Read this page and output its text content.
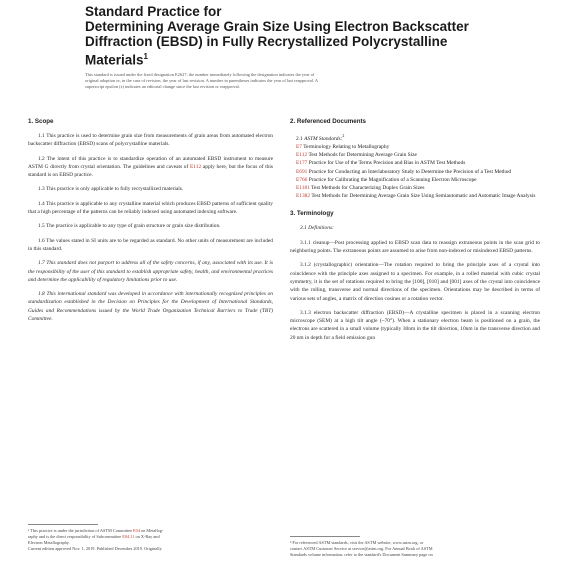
Standard Practice for
Determining Average Grain Size Using Electron Backscatter
Diffraction (EBSD) in Fully Recrystallized Polycrystalline
Materials$^1$
This standard is issued under the fixed designation E2627; the number immediately following the designation indicates the year of
original adoption or, in the case of revision, the year of last revision. A number in parentheses indicates the year of last reapproval. A
superscript epsilon (ε) indicates an editorial change since the last revision or reapproval.
1. Scope

1.1 This practice is used to determine grain size from measurements of grain areas from automated electron backscatter diffraction (EBSD) scans of polycrystalline materials.

1.2 The intent of this practice is to standardize operation of an automated EBSD instrument to measure ASTM G directly from crystal orientation. The guidelines and caveats of E112 apply here, but the focus of this standard is on EBSD practice.

1.3 This practice is only applicable to fully recrystallized materials.

1.4 This practice is applicable to any crystalline material which produces EBSD patterns of sufficient quality that a high percentage of the patterns can be reliably indexed using automated indexing software.

1.5 The practice is applicable to any type of grain structure or grain size distribution.

1.6 The values stated in SI units are to be regarded as standard. No other units of measurement are included in this standard.

1.7 This standard does not purport to address all of the safety concerns, if any, associated with its use. It is the responsibility of the user of this standard to establish appropriate safety, health, and environmental practices and determine the applicability of regulatory limitations prior to use.

1.8 This international standard was developed in accordance with internationally recognized principles on standardization established in the Decision on Principles for the Development of International Standards, Guides and Recommendations issued by the World Trade Organization Technical Barriers to Trade (TBT) Committee.

2. Referenced Documents

2.1 ASTM Standards:$^2$

E7 Terminology Relating to Metallography

E112 Test Methods for Determining Average Grain Size

E177 Practice for Use of the Terms Precision and Bias in ASTM Test Methods

E691 Practice for Conducting an Interlaboratory Study to Determine the Precision of a Test Method

E766 Practice for Calibrating the Magnification of a Scanning Electron Microscope

E1181 Test Methods for Characterizing Duplex Grain Sizes

E1382 Test Methods for Determining Average Grain Size Using Semiautomatic and Automatic Image Analysis

3. Terminology

3.1 Definitions:

3.1.1 cleanup—Post processing applied to EBSD scan data to reassign extraneous points in the scan grid to neighboring points. The extraneous points are assumed to arise from non-indexed or misindexed EBSD patterns.

3.1.2 (crystallographic) orientation—The rotation required to bring the principle axes of a crystal into coincidence with the principle axes assigned to a specimen. For example, in a rolled material with cubic crystal symmetry, it is the set of rotations required to bring the [100], [010] and [001] axes of the crystal into coincidence with the rolling, transverse and normal directions of the specimen. Orientations may be described in terms of various sets of angles, a matrix of direction cosines or a rotation vector.

3.1.3 electron backscatter diffraction (EBSD)—A crystalline specimen is placed in a scanning electron microscope (SEM) at a high tilt angle (~70°). When a stationary electron beam is positioned on a grain, the electrons are scattered in a small volume (typically 30nm in the tilt direction, 10nm in the transverse direction and 20 nm in depth for a field emission gun

¹ This practice is under the jurisdiction of ASTM Committee E04 on Metallog-
raphy and is the direct responsibility of Subcommittee E04.11 on X-Ray and
Electron Metallography.
Current edition approved Nov. 1, 2019. Published December 2019. Originally
² For referenced ASTM standards, visit the ASTM website, www.astm.org, or
contact ASTM Customer Service at service@astm.org. For Annual Book of ASTM
Standards volume information, refer to the standard's Document Summary page on
